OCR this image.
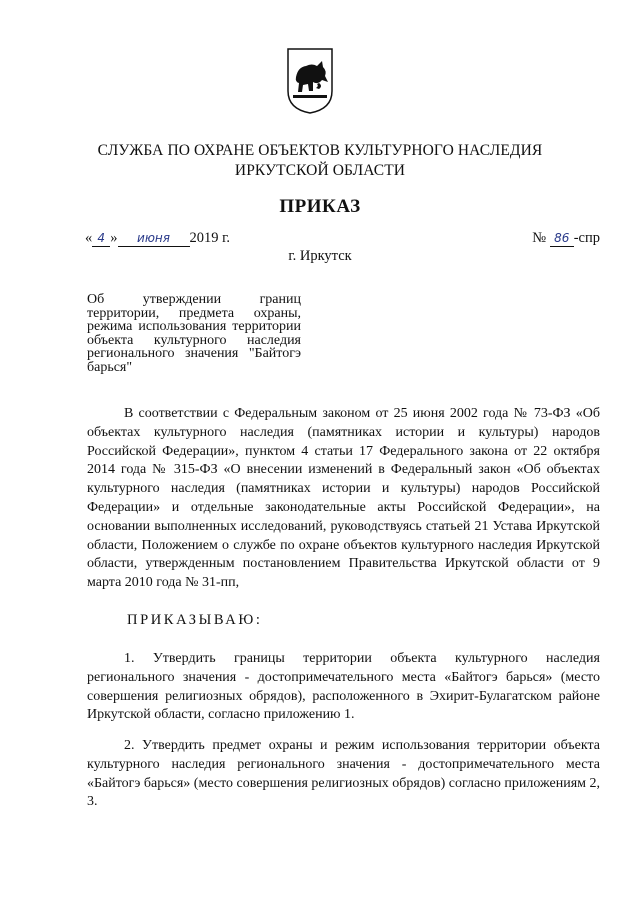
СЛУЖБА ПО ОХРАНЕ ОБЪЕКТОВ КУЛЬТУРНОГО НАСЛЕДИЯ
ИРКУТСКОЙ ОБЛАСТИ
ПРИКАЗ
« 4 » июня 2019 г.	№ 86 -спр
г. Иркутск
Об утверждении границ территории, предмета охраны, режима использования территории объекта культурного наследия регионального значения "Байтогэ барься"
В соответствии с Федеральным законом от 25 июня 2002 года № 73-ФЗ «Об объектах культурного наследия (памятниках истории и культуры) народов Российской Федерации», пунктом 4 статьи 17 Федерального закона от 22 октября 2014 года № 315-ФЗ «О внесении изменений в Федеральный закон «Об объектах культурного наследия (памятниках истории и культуры) народов Российской Федерации» и отдельные законодательные акты Российской Федерации», на основании выполненных исследований, руководствуясь статьей 21 Устава Иркутской области, Положением о службе по охране объектов культурного наследия Иркутской области, утвержденным постановлением Правительства Иркутской области от 9 марта 2010 года № 31-пп,
ПРИКАЗЫВАЮ:
1. Утвердить границы территории объекта культурного наследия регионального значения - достопримечательного места «Байтогэ барься» (место совершения религиозных обрядов), расположенного в Эхирит-Булагатском районе Иркутской области, согласно приложению 1.
2. Утвердить предмет охраны и режим использования территории объекта культурного наследия регионального значения - достопримечательного места «Байтогэ барься» (место совершения религиозных обрядов) согласно приложениям 2, 3.
